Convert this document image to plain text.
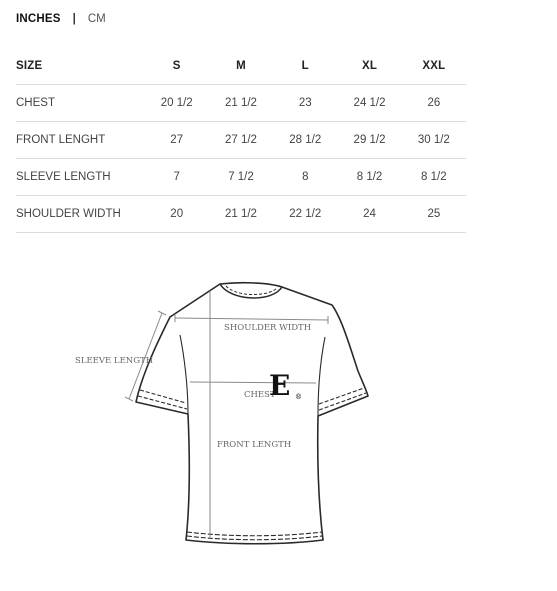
INCHES | CM
SIZE	S	M	L	XL	XXL
CHEST	20 1/2	21 1/2	23	24 1/2	26
FRONT LENGHT	27	27 1/2	28 1/2	29 1/2	30 1/2
SLEEVE LENGTH	7	7 1/2	8	8 1/2	8 1/2
SHOULDER WIDTH	20	21 1/2	22 1/2	24	25
SHOULDER WIDTH
SLEEVE LENGTH
CHEST
FRONT LENGTH
E ®
